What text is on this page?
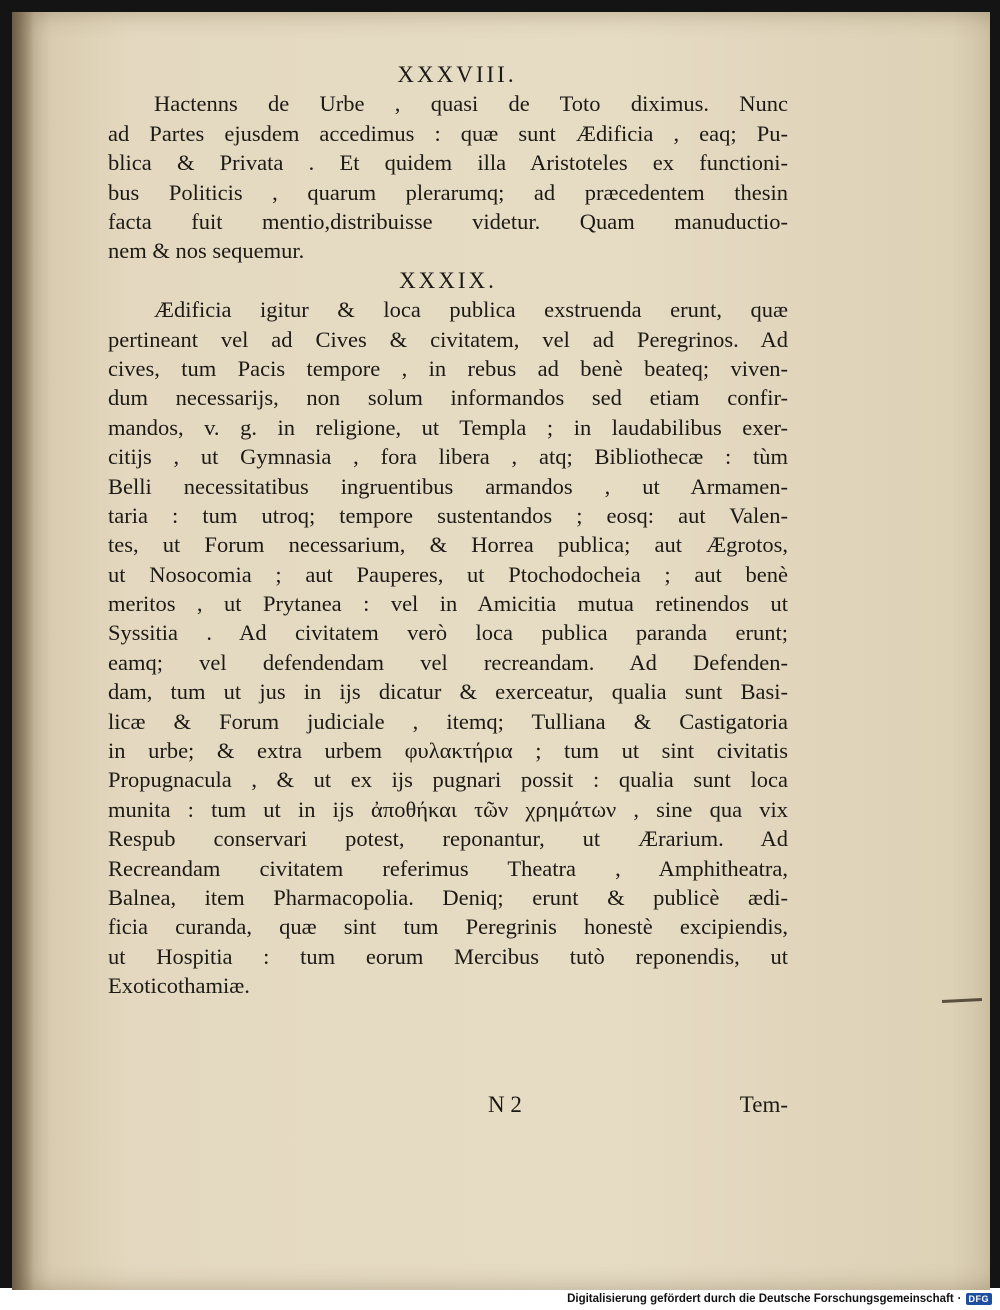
XXXVIII.
Hactenns de Urbe , quasi de Toto diximus. Nunc
ad Partes ejusdem accedimus : quæ sunt Ædificia , eaq; Pu-
blica & Privata . Et quidem illa Aristoteles ex functioni-
bus Politicis , quarum plerarumq; ad præcedentem thesin
facta fuit mentio,distribuisse videtur. Quam manuductio-
nem & nos sequemur.
XXXIX.
Ædificia igitur & loca publica exstruenda erunt, quæ
pertineant vel ad Cives & civitatem, vel ad Peregrinos. Ad
cives, tum Pacis tempore , in rebus ad benè beateq; viven-
dum necessarijs, non solum informandos sed etiam confir-
mandos, v. g. in religione, ut Templa ; in laudabilibus exer-
citijs , ut Gymnasia , fora libera , atq; Bibliothecæ : tùm
Belli necessitatibus ingruentibus armandos , ut Armamen-
taria : tum utroq; tempore sustentandos ; eosq: aut Valen-
tes, ut Forum necessarium, & Horrea publica; aut Ægrotos,
ut Nosocomia ; aut Pauperes, ut Ptochodocheia ; aut benè
meritos , ut Prytanea : vel in Amicitia mutua retinendos ut
Syssitia . Ad civitatem verò loca publica paranda erunt;
eamq; vel defendendam vel recreandam. Ad Defenden-
dam, tum ut jus in ijs dicatur & exerceatur, qualia sunt Basi-
licæ & Forum judiciale , itemq; Tulliana & Castigatoria
in urbe; & extra urbem φυλακτήρια ; tum ut sint civitatis
Propugnacula , & ut ex ijs pugnari possit : qualia sunt loca
munita : tum ut in ijs ἀποθήκαι τῶν χρημάτων , sine qua vix
Respub conservari potest, reponantur, ut Ærarium. Ad
Recreandam civitatem referimus Theatra , Amphitheatra,
Balnea, item Pharmacopolia. Deniq; erunt & publicè ædi-
ficia curanda, quæ sint tum Peregrinis honestè excipiendis,
ut Hospitia : tum eorum Mercibus tutò reponendis, ut
Exoticothamiæ.
N 2	Tem-
Digitalisierung gefördert durch die Deutsche Forschungsgemeinschaft · DFG
